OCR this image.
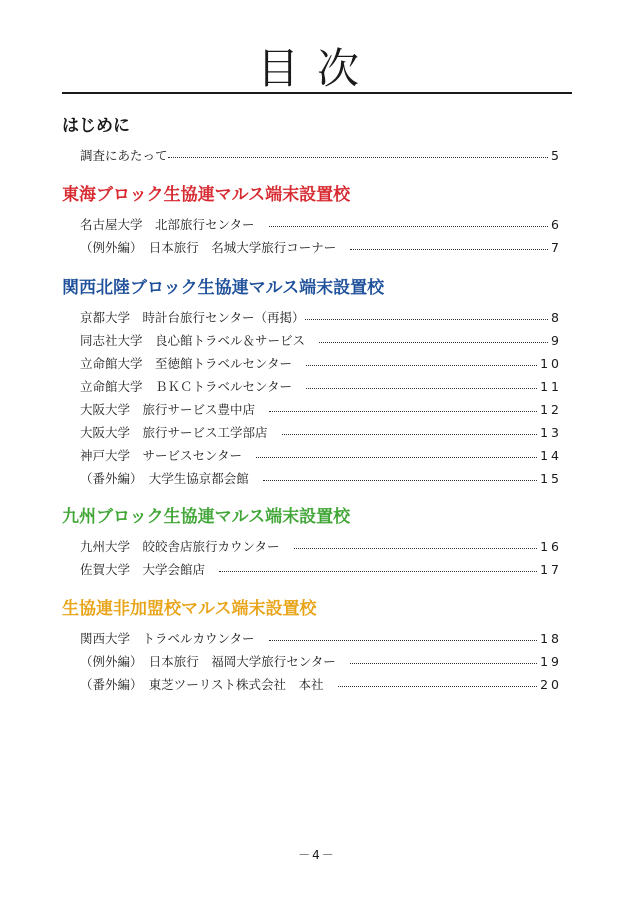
目次
はじめに
調査にあたって	5
東海ブロック生協連マルス端末設置校
名古屋大学　北部旅行センター	6
（例外編）　日本旅行　名城大学旅行コーナー	7
関西北陸ブロック生協連マルス端末設置校
京都大学　時計台旅行センター（再掲）	8
同志社大学　良心館トラベル＆サービス	9
立命館大学　至徳館トラベルセンター	10
立命館大学　ＢＫＣトラベルセンター	11
大阪大学　旅行サービス豊中店	12
大阪大学　旅行サービス工学部店	13
神戸大学　サービスセンター	14
（番外編）　大学生協京都会館	15
九州ブロック生協連マルス端末設置校
九州大学　皎皎舎店旅行カウンター	16
佐賀大学　大学会館店	17
生協連非加盟校マルス端末設置校
関西大学　トラベルカウンター	18
（例外編）　日本旅行　福岡大学旅行センター	19
（番外編）　東芝ツーリスト株式会社　本社	20
－4－
